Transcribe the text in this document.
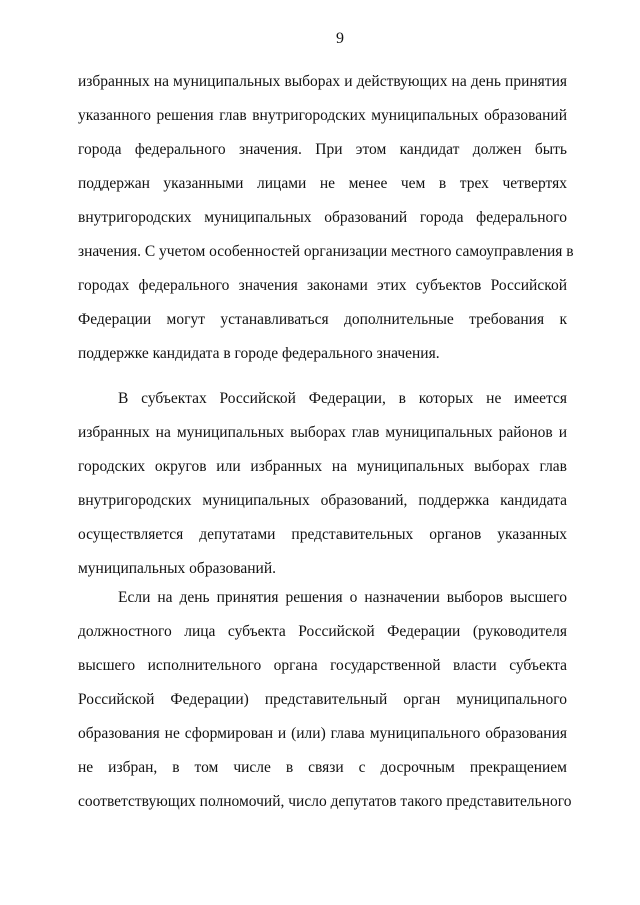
9
избранных на муниципальных выборах и действующих на день принятия
указанного решения глав внутригородских муниципальных образований
города федерального значения. При этом кандидат должен быть
поддержан указанными лицами не менее чем в трех четвертях
внутригородских муниципальных образований города федерального
значения. С учетом особенностей организации местного самоуправления в
городах федерального значения законами этих субъектов Российской
Федерации могут устанавливаться дополнительные требования к
поддержке кандидата в городе федерального значения.
В субъектах Российской Федерации, в которых не имеется
избранных на муниципальных выборах глав муниципальных районов и
городских округов или избранных на муниципальных выборах глав
внутригородских муниципальных образований, поддержка кандидата
осуществляется депутатами представительных органов указанных
муниципальных образований.
Если на день принятия решения о назначении выборов высшего
должностного лица субъекта Российской Федерации (руководителя
высшего исполнительного органа государственной власти субъекта
Российской Федерации) представительный орган муниципального
образования не сформирован и (или) глава муниципального образования
не избран, в том числе в связи с досрочным прекращением
соответствующих полномочий, число депутатов такого представительного
